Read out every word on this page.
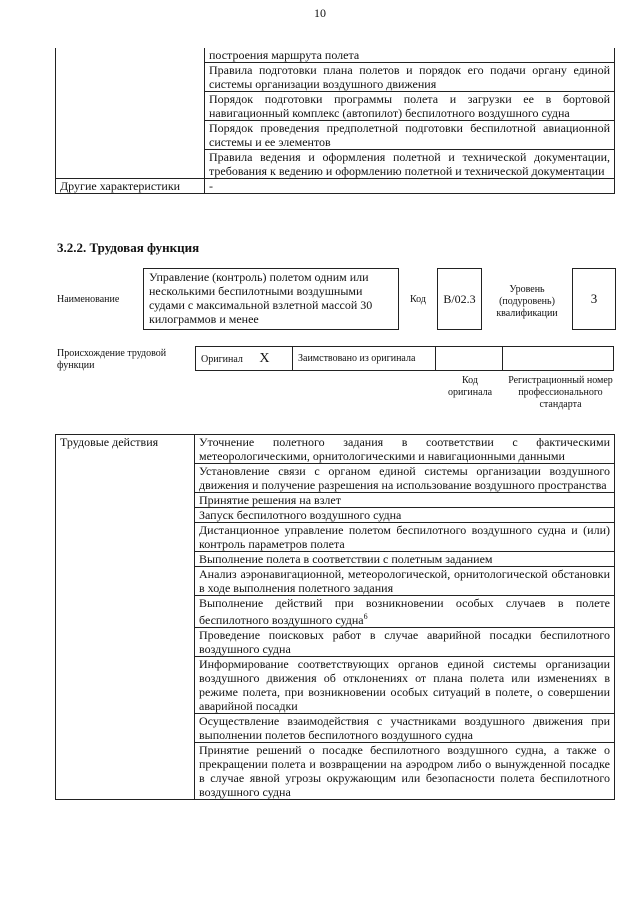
10
	построения маршрута полета
	Правила подготовки плана полетов и порядок его подачи органу единой системы организации воздушного движения
	Порядок подготовки программы полета и загрузки ее в бортовой навигационный комплекс (автопилот) беспилотного воздушного судна
	Порядок проведения предполетной подготовки беспилотной авиационной системы и ее элементов
	Правила ведения и оформления полетной и технической документации, требования к ведению и оформлению полетной и технической документации
Другие характеристики	-
3.2.2. Трудовая функция
Наименование
Управление (контроль) полетом одним или несколькими беспилотными воздушными судами с максимальной взлетной массой 30 килограммов и менее
Код	B/02.3
Уровень (подуровень) квалификации
3
Происхождение трудовой функции
Оригинал X	Заимствовано из оригинала		
Код оригинала
Регистрационный номер профессионального стандарта
Трудовые действия	Уточнение полетного задания в соответствии с фактическими метеорологическими, орнитологическими и навигационными данными
Установление связи с органом единой системы организации воздушного движения и получение разрешения на использование воздушного пространства
Принятие решения на взлет
Запуск беспилотного воздушного судна
Дистанционное управление полетом беспилотного воздушного судна и (или) контроль параметров полета
Выполнение полета в соответствии с полетным заданием
Анализ аэронавигационной, метеорологической, орнитологической обстановки в ходе выполнения полетного задания
Выполнение действий при возникновении особых случаев в полете беспилотного воздушного судна$^6$
Проведение поисковых работ в случае аварийной посадки беспилотного воздушного судна
Информирование соответствующих органов единой системы организации воздушного движения об отклонениях от плана полета или изменениях в режиме полета, при возникновении особых ситуаций в полете, о совершении аварийной посадки
Осуществление взаимодействия с участниками воздушного движения при выполнении полетов беспилотного воздушного судна
Принятие решений о посадке беспилотного воздушного судна, а также о прекращении полета и возвращении на аэродром либо о вынужденной посадке в случае явной угрозы окружающим или безопасности полета беспилотного воздушного судна
